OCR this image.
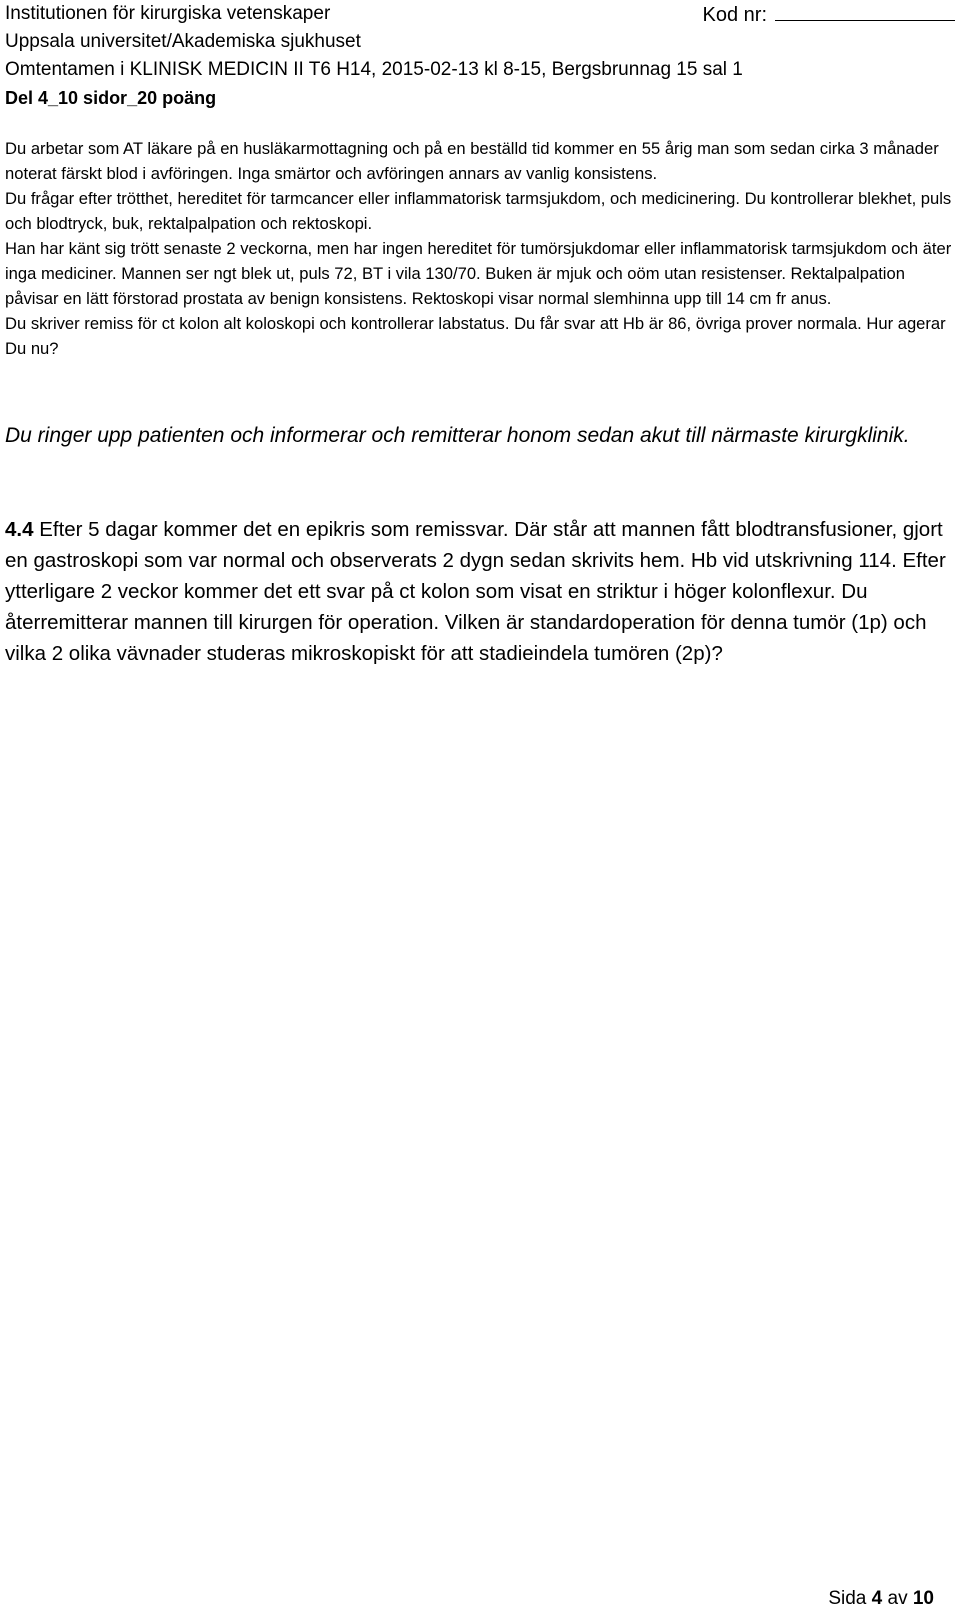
Institutionen för kirurgiska vetenskaper
Uppsala universitet/Akademiska sjukhuset
Omtentamen i KLINISK MEDICIN II T6 H14, 2015-02-13 kl 8-15, Bergsbrunnag 15 sal 1
Del 4_10 sidor_20 poäng
Kod nr:

Du arbetar som AT läkare på en husläkarmottagning och på en beställd tid kommer en 55 årig man som sedan cirka 3 månader noterat färskt blod i avföringen. Inga smärtor och avföringen annars av vanlig konsistens.

Du frågar efter trötthet, hereditet för tarmcancer eller inflammatorisk tarmsjukdom, och medicinering. Du kontrollerar blekhet, puls och blodtryck, buk, rektalpalpation och rektoskopi.

Han har känt sig trött senaste 2 veckorna, men har ingen hereditet för tumörsjukdomar eller inflammatorisk tarmsjukdom och äter inga mediciner. Mannen ser ngt blek ut, puls 72, BT i vila 130/70. Buken är mjuk och oöm utan resistenser. Rektalpalpation påvisar en lätt förstorad prostata av benign konsistens. Rektoskopi visar normal slemhinna upp till 14 cm fr anus.

Du skriver remiss för ct kolon alt koloskopi och kontrollerar labstatus. Du får svar att Hb är 86, övriga prover normala. Hur agerar Du nu?

Du ringer upp patienten och informerar och remitterar honom sedan akut till närmaste kirurgklinik.
4.4 Efter 5 dagar kommer det en epikris som remissvar. Där står att mannen fått blodtransfusioner, gjort en gastroskopi som var normal och observerats 2 dygn sedan skrivits hem. Hb vid utskrivning 114. Efter ytterligare 2 veckor kommer det ett svar på ct kolon som visat en striktur i höger kolonflexur. Du återremitterar mannen till kirurgen för operation. Vilken är standardoperation för denna tumör (1p) och vilka 2 olika vävnader studeras mikroskopiskt för att stadieindela tumören (2p)?
Sida 4 av 10
